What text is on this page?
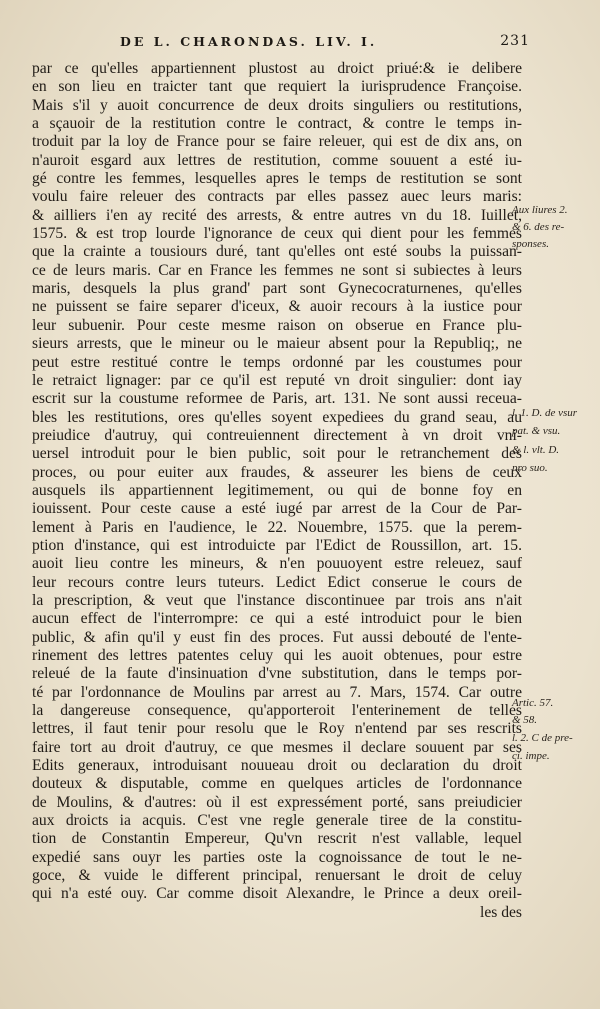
DE L. CHARONDAS. LIV. I.	231
par ce qu'elles appartiennent plustost au droict priué:& ie delibere
en son lieu en traicter tant que requiert la iurisprudence Françoise.
Mais s'il y auoit concurrence de deux droits singuliers ou restitutions,
a sçauoir de la restitution contre le contract, & contre le temps in-
troduit par la loy de France pour se faire releuer, qui est de dix ans, on
n'auroit esgard aux lettres de restitution, comme souuent a esté iu-
gé contre les femmes, lesquelles apres le temps de restitution se sont
voulu faire releuer des contracts par elles passez auec leurs maris:
& ailliers i'en ay recité des arrests, & entre autres vn du 18. Iuillet,
1575. & est trop lourde l'ignorance de ceux qui dient pour les femmes
que la crainte a tousiours duré, tant qu'elles ont esté soubs la puissan-
ce de leurs maris. Car en France les femmes ne sont si subiectes à leurs
maris, desquels la plus grand' part sont Gynecocraturnenes, qu'elles
ne puissent se faire separer d'iceux, & auoir recours à la iustice pour
leur subuenir. Pour ceste mesme raison on obserue en France plu-
sieurs arrests, que le mineur ou le maieur absent pour la Republiq;, ne
peut estre restitué contre le temps ordonné par les coustumes pour
le retraict lignager: par ce qu'il est reputé vn droit singulier: dont iay
escrit sur la coustume reformee de Paris, art. 131. Ne sont aussi receua-
bles les restitutions, ores qu'elles soyent expediees du grand seau, au
preiudice d'autruy, qui contreuiennent directement à vn droit vni-
uersel introduit pour le bien public, soit pour le retranchement des
proces, ou pour euiter aux fraudes, & asseurer les biens de ceux
ausquels ils appartiennent legitimement, ou qui de bonne foy en
iouissent. Pour ceste cause a esté iugé par arrest de la Cour de Par-
lement à Paris en l'audience, le 22. Nouembre, 1575. que la perem-
ption d'instance, qui est introduicte par l'Edict de Roussillon, art. 15.
auoit lieu contre les mineurs, & n'en pouuoyent estre releuez, sauf
leur recours contre leurs tuteurs. Ledict Edict conserue le cours de
la prescription, & veut que l'instance discontinuee par trois ans n'ait
aucun effect de l'interrompre: ce qui a esté introduict pour le bien
public, & afin qu'il y eust fin des proces. Fut aussi debouté de l'ente-
rinement des lettres patentes celuy qui les auoit obtenues, pour estre
releué de la faute d'insinuation d'vne substitution, dans le temps por-
té par l'ordonnance de Moulins par arrest au 7. Mars, 1574. Car outre
la dangereuse consequence, qu'apporteroit l'enterinement de telles
lettres, il faut tenir pour resolu que le Roy n'entend par ses rescrits
faire tort au droit d'autruy, ce que mesmes il declare souuent par ses
Edits generaux, introduisant nouueau droit ou declaration du droit
douteux & disputable, comme en quelques articles de l'ordonnance
de Moulins, & d'autres: où il est expressément porté, sans preiudicier
aux droicts ia acquis. C'est vne regle generale tiree de la constitu-
tion de Constantin Empereur, Qu'vn rescrit n'est vallable, lequel
expedié sans ouyr les parties oste la cognoissance de tout le ne-
goce, & vuide le different principal, renuersant le droit de celuy
qui n'a esté ouy. Car comme disoit Alexandre, le Prince a deux oreil-
les des
Aux liures 2.
& 6. des re-
sponses.
l. 1. D. de vsur
pat. & vsu.
& l. vlt. D.
pro suo.
Artic. 57.
& 58.
l. 2. C de pre-
ci. impe.
